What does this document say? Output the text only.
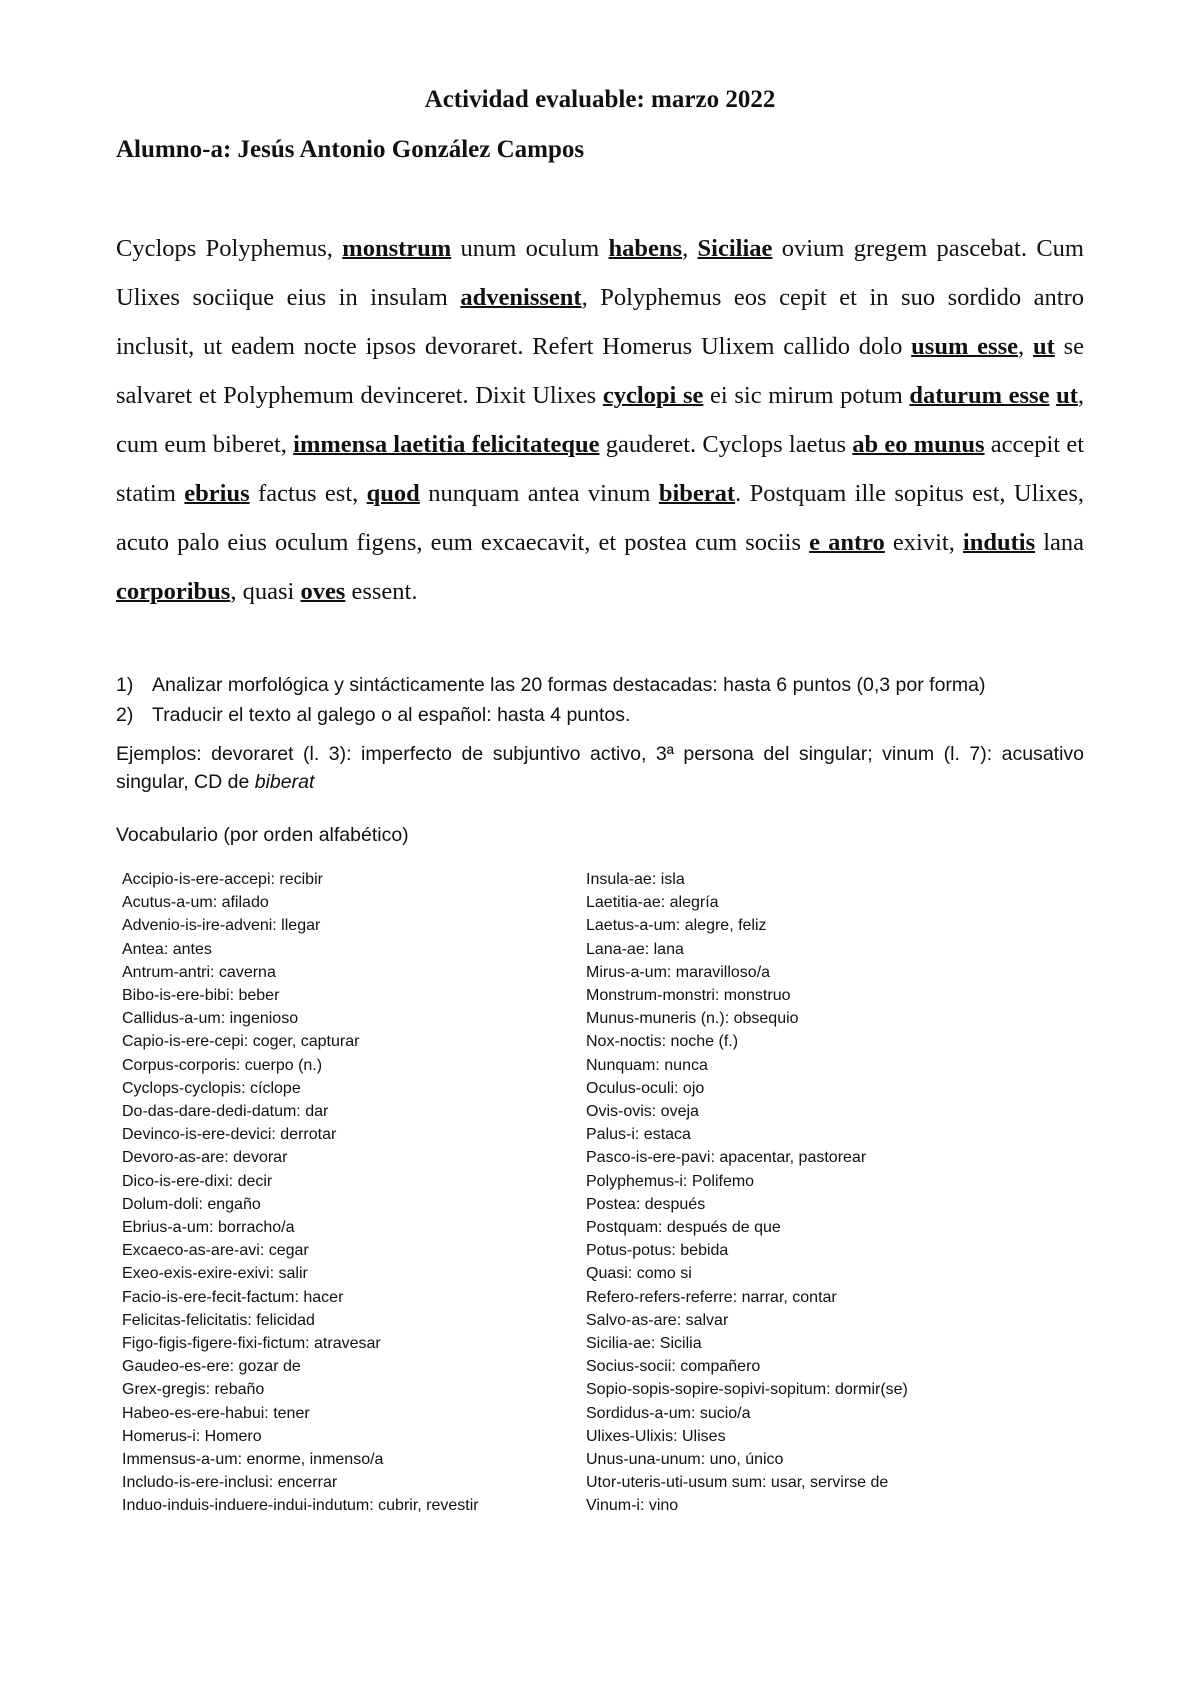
Actividad evaluable: marzo 2022
Alumno-a: Jesús Antonio González Campos

Cyclops Polyphemus, monstrum unum oculum habens, Siciliae ovium gregem pascebat. Cum Ulixes sociique eius in insulam advenissent, Polyphemus eos cepit et in suo sordido antro inclusit, ut eadem nocte ipsos devoraret. Refert Homerus Ulixem callido dolo usum esse, ut se salvaret et Polyphemum devinceret. Dixit Ulixes cyclopi se ei sic mirum potum daturum esse ut, cum eum biberet, immensa laetitia felicitateque gauderet. Cyclops laetus ab eo munus accepit et statim ebrius factus est, quod nunquam antea vinum biberat. Postquam ille sopitus est, Ulixes, acuto palo eius oculum figens, eum excaecavit, et postea cum sociis e antro exivit, indutis lana corporibus, quasi oves essent.

1) Analizar morfológica y sintácticamente las 20 formas destacadas: hasta 6 puntos (0,3 por forma)
2) Traducir el texto al galego o al español: hasta 4 puntos.

Ejemplos: devoraret (l. 3): imperfecto de subjuntivo activo, 3ª persona del singular; vinum (l. 7): acusativo singular, CD de biberat

Vocabulario (por orden alfabético)

Accipio-is-ere-accepi: recibir
Acutus-a-um: afilado
Advenio-is-ire-adveni: llegar
Antea: antes
Antrum-antri: caverna
Bibo-is-ere-bibi: beber
Callidus-a-um: ingenioso
Capio-is-ere-cepi: coger, capturar
Corpus-corporis: cuerpo (n.)
Cyclops-cyclopis: cíclope
Do-das-dare-dedi-datum: dar
Devinco-is-ere-devici: derrotar
Devoro-as-are: devorar
Dico-is-ere-dixi: decir
Dolum-doli: engaño
Ebrius-a-um: borracho/a
Excaeco-as-are-avi: cegar
Exeo-exis-exire-exivi: salir
Facio-is-ere-fecit-factum: hacer
Felicitas-felicitatis: felicidad
Figo-figis-figere-fixi-fictum: atravesar
Gaudeo-es-ere: gozar de
Grex-gregis: rebaño
Habeo-es-ere-habui: tener
Homerus-i: Homero
Immensus-a-um: enorme, inmenso/a
Includo-is-ere-inclusi: encerrar
Induo-induis-induere-indui-indutum: cubrir, revestir
Insula-ae: isla
Laetitia-ae: alegría
Laetus-a-um: alegre, feliz
Lana-ae: lana
Mirus-a-um: maravilloso/a
Monstrum-monstri: monstruo
Munus-muneris (n.): obsequio
Nox-noctis: noche (f.)
Nunquam: nunca
Oculus-oculi: ojo
Ovis-ovis: oveja
Palus-i: estaca
Pasco-is-ere-pavi: apacentar, pastorear
Polyphemus-i: Polifemo
Postea: después
Postquam: después de que
Potus-potus: bebida
Quasi: como si
Refero-refers-referre: narrar, contar
Salvo-as-are: salvar
Sicilia-ae: Sicilia
Socius-socii: compañero
Sopio-sopis-sopire-sopivi-sopitum: dormir(se)
Sordidus-a-um: sucio/a
Ulixes-Ulixis: Ulises
Unus-una-unum: uno, único
Utor-uteris-uti-usum sum: usar, servirse de
Vinum-i: vino
